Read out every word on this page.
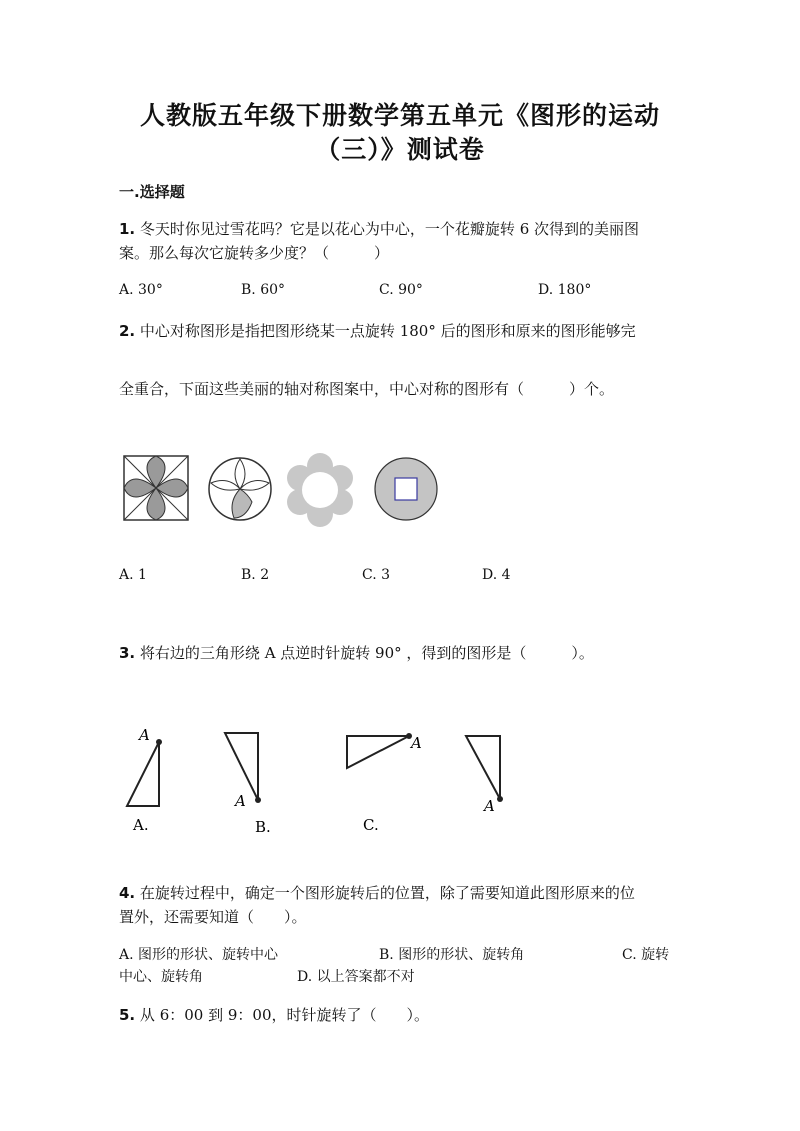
人教版五年级下册数学第五单元《图形的运动
（三）》测试卷
一.选择题
1. 冬天时你见过雪花吗？它是以花心为中心，一个花瓣旋转 6 次得到的美丽图
案。那么每次它旋转多少度？（　　　）
A. 30°	B. 60°	C. 90°	D. 180°
2. 中心对称图形是指把图形绕某一点旋转 180° 后的图形和原来的图形能够完
全重合，下面这些美丽的轴对称图案中，中心对称的图形有（　　　）个。
A. 1	B. 2	C. 3	D. 4
3. 将右边的三角形绕 A 点逆时针旋转 90° ，得到的图形是（　　　）。
A
A.
A
B.
A
C.
A
4. 在旋转过程中，确定一个图形旋转后的位置，除了需要知道此图形原来的位
置外，还需要知道（　　）。
A. 图形的形状、旋转中心	B. 图形的形状、旋转角	C. 旋转
中心、旋转角	D. 以上答案都不对
5. 从 6：00 到 9：00，时针旋转了（　　）。
